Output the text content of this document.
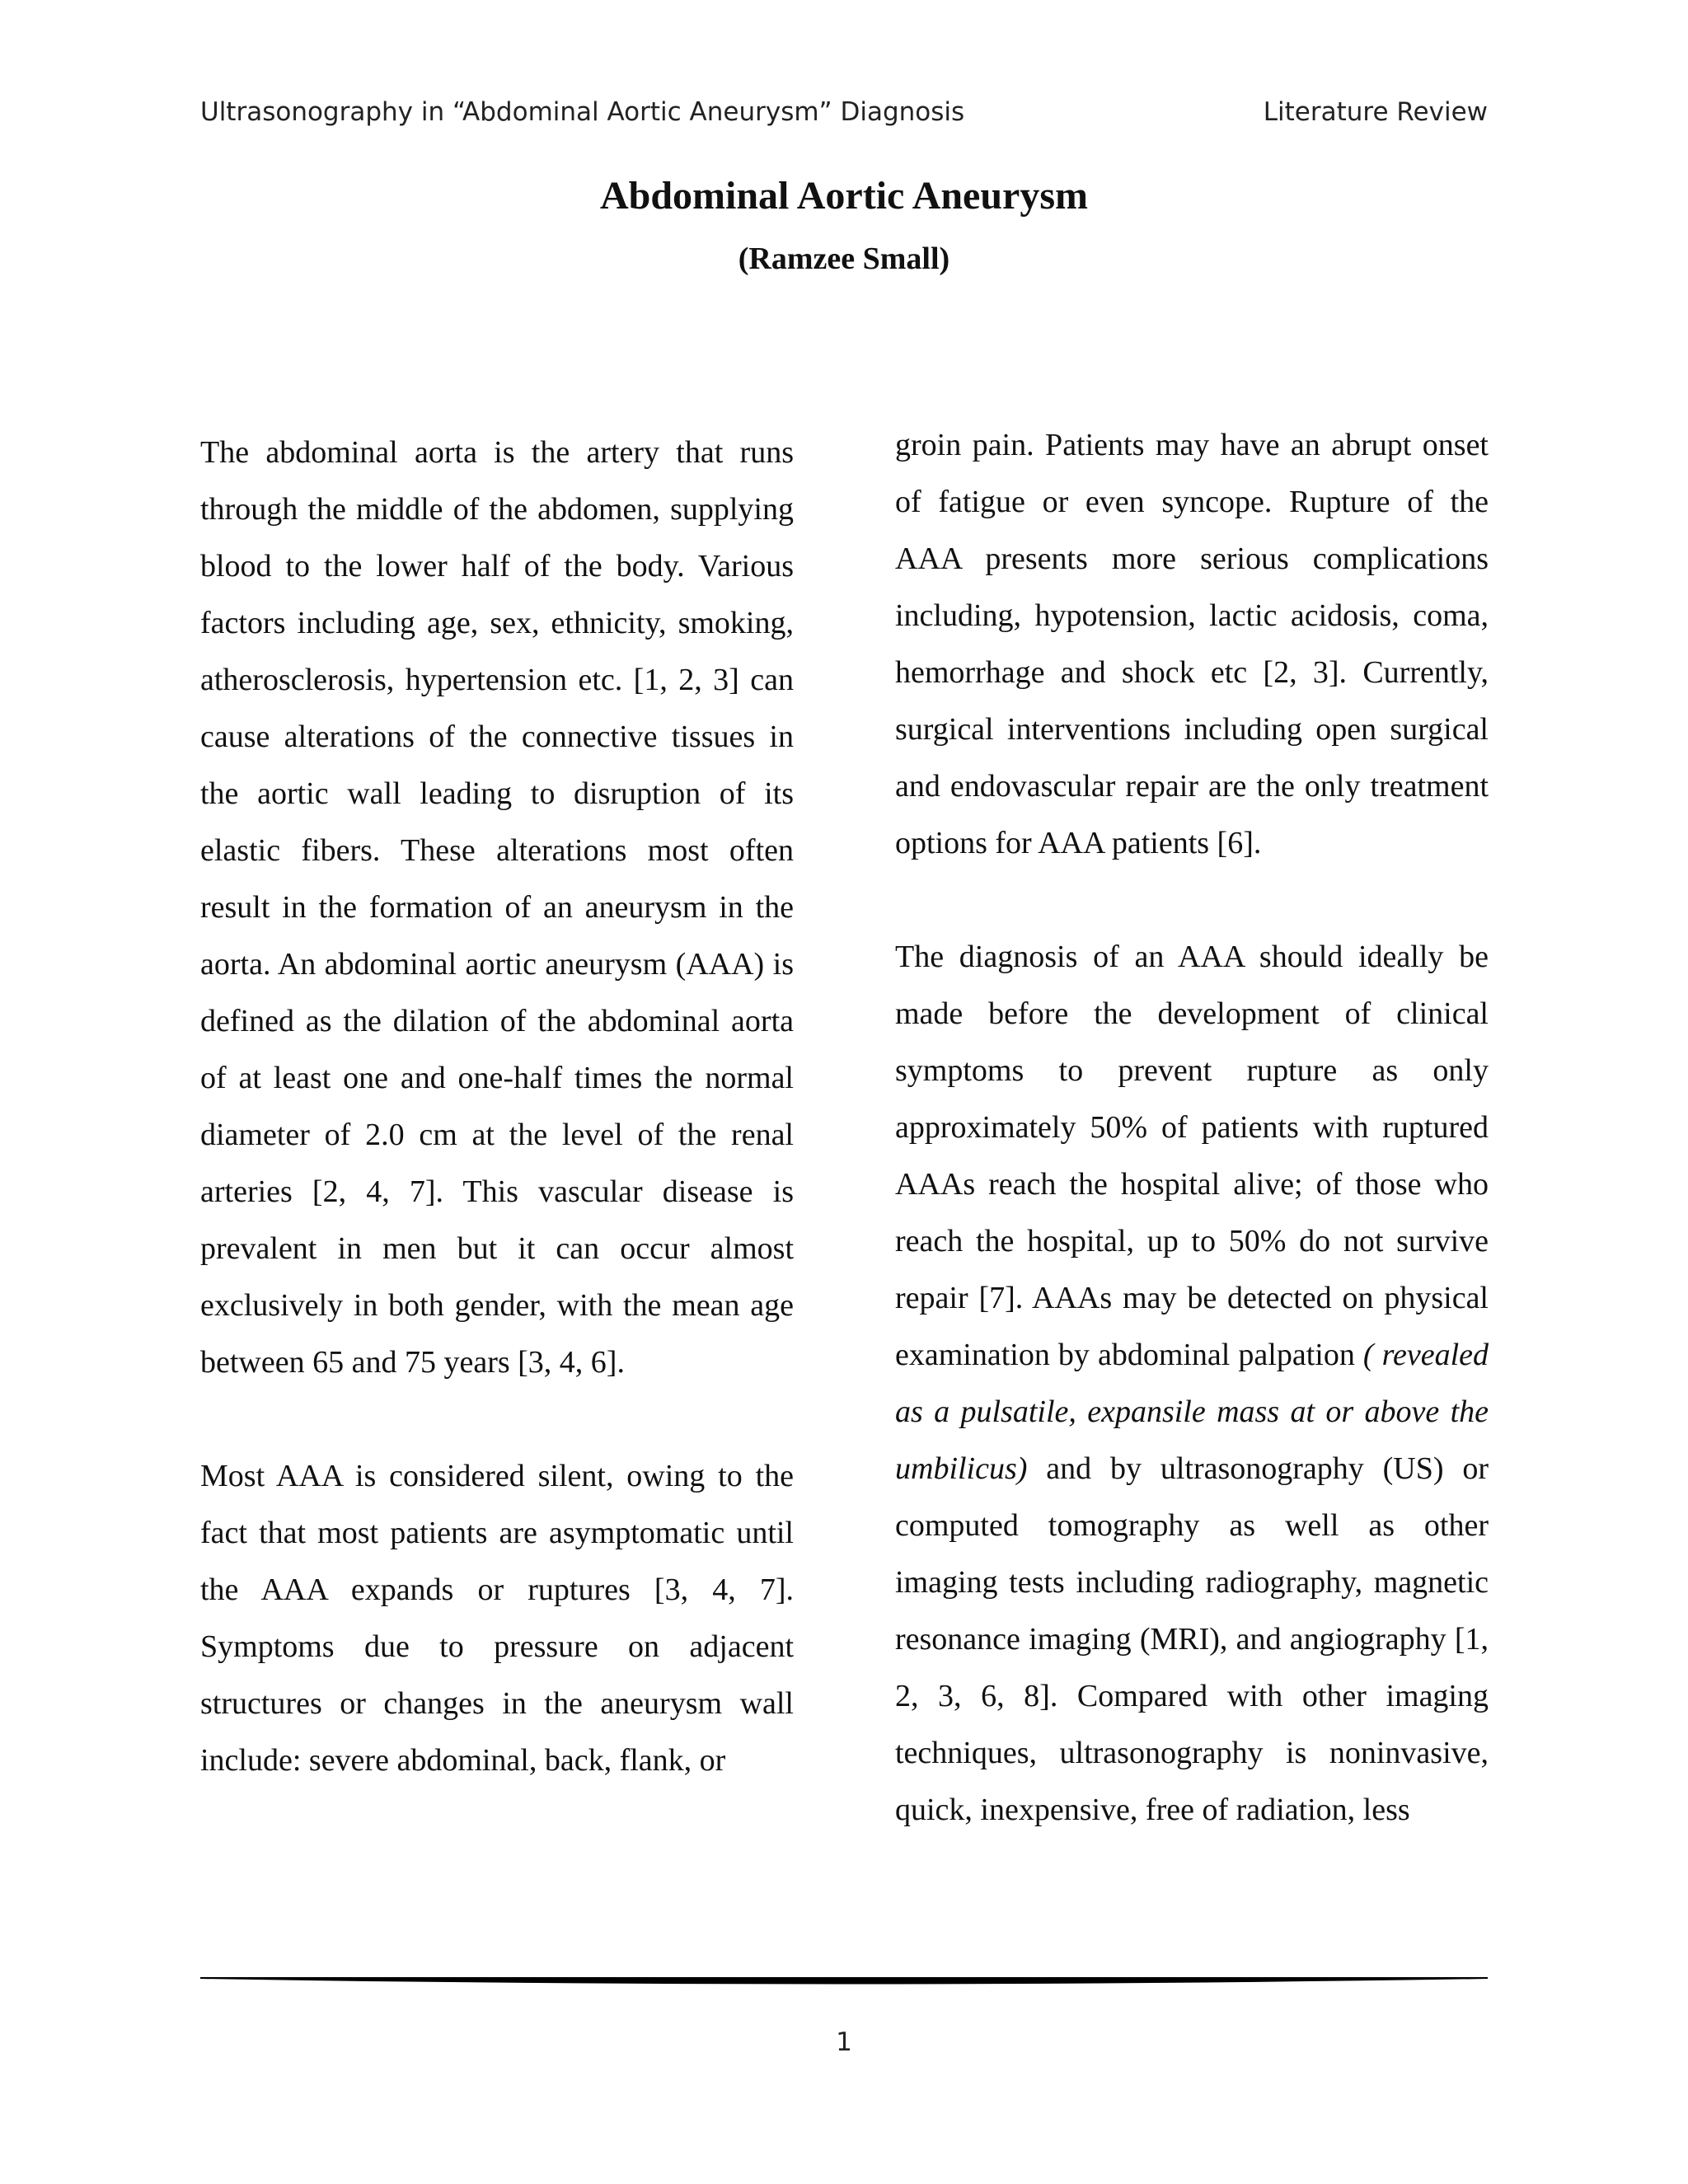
Ultrasonography in “Abdominal Aortic Aneurysm” Diagnosis	Literature Review
Abdominal Aortic Aneurysm
(Ramzee Small)

The abdominal aorta is the artery that runs through the middle of the abdomen, supplying blood to the lower half of the body. Various factors including age, sex, ethnicity, smoking, atherosclerosis, hypertension etc. [1, 2, 3] can cause alterations of the connective tissues in the aortic wall leading to disruption of its elastic fibers. These alterations most often result in the formation of an aneurysm in the aorta. An abdominal aortic aneurysm (AAA) is defined as the dilation of the abdominal aorta of at least one and one-half times the normal diameter of 2.0 cm at the level of the renal arteries [2, 4, 7]. This vascular disease is prevalent in men but it can occur almost exclusively in both gender, with the mean age between 65 and 75 years [3, 4, 6].

Most AAA is considered silent, owing to the fact that most patients are asymptomatic until the AAA expands or ruptures [3, 4, 7]. Symptoms due to pressure on adjacent structures or changes in the aneurysm wall include: severe abdominal, back, flank, or

groin pain. Patients may have an abrupt onset of fatigue or even syncope. Rupture of the AAA presents more serious complications including, hypotension, lactic acidosis, coma, hemorrhage and shock etc [2, 3]. Currently, surgical interventions including open surgical and endovascular repair are the only treatment options for AAA patients [6].

The diagnosis of an AAA should ideally be made before the development of clinical symptoms to prevent rupture as only approximately 50% of patients with ruptured AAAs reach the hospital alive; of those who reach the hospital, up to 50% do not survive repair [7]. AAAs may be detected on physical examination by abdominal palpation ( revealed as a pulsatile, expansile mass at or above the umbilicus) and by ultrasonography (US) or computed tomography as well as other imaging tests including radiography, magnetic resonance imaging (MRI), and angiography [1, 2, 3, 6, 8]. Compared with other imaging techniques, ultrasonography is noninvasive, quick, inexpensive, free of radiation, less

1
